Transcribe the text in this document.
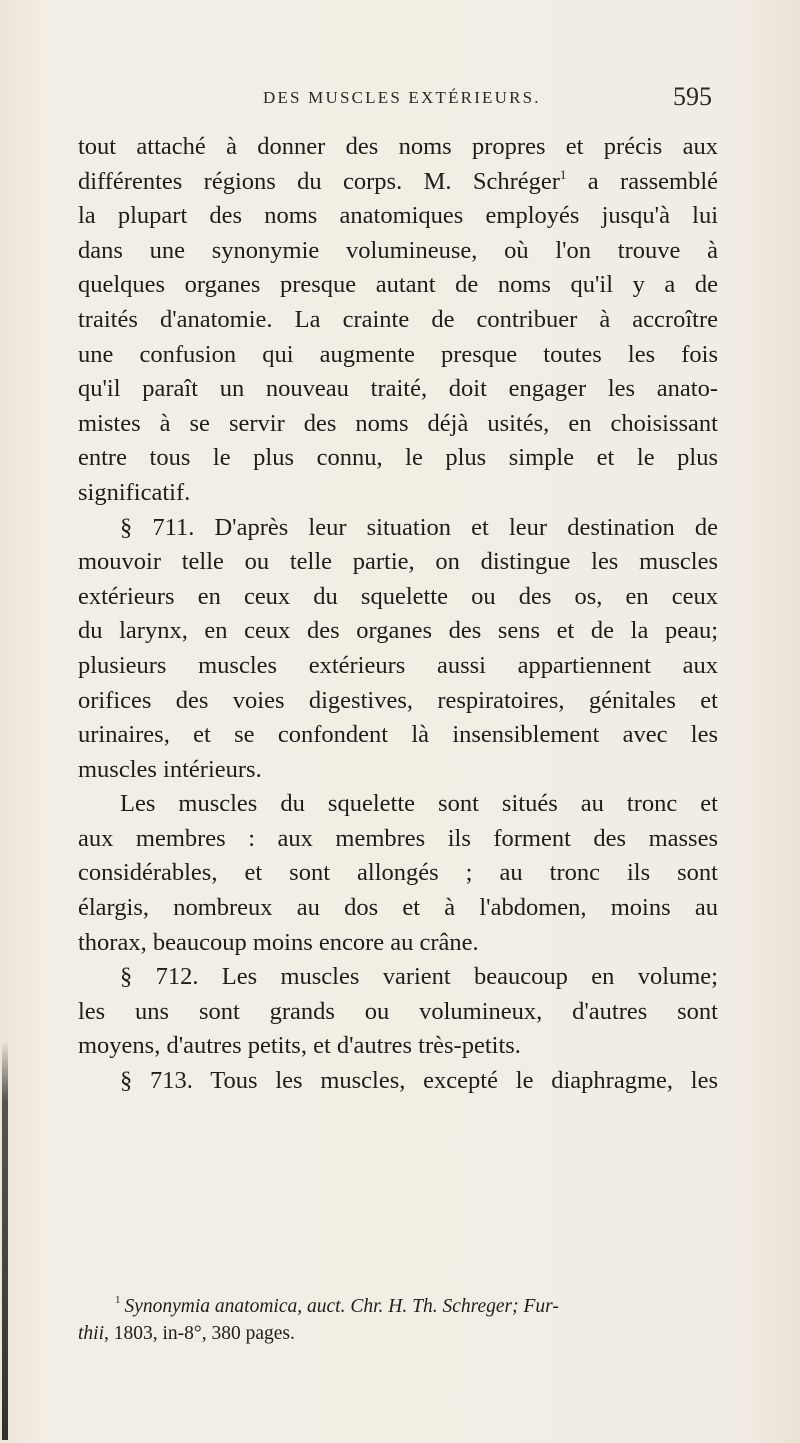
DES MUSCLES EXTÉRIEURS.	595
tout attaché à donner des noms propres et précis aux
différentes régions du corps. M. Schréger$^1$ a rassemblé
la plupart des noms anatomiques employés jusqu'à lui
dans une synonymie volumineuse, où l'on trouve à
quelques organes presque autant de noms qu'il y a de
traités d'anatomie. La crainte de contribuer à accroître
une confusion qui augmente presque toutes les fois
qu'il paraît un nouveau traité, doit engager les anato-
mistes à se servir des noms déjà usités, en choisissant
entre tous le plus connu, le plus simple et le plus
significatif.
§ 711. D'après leur situation et leur destination de
mouvoir telle ou telle partie, on distingue les muscles
extérieurs en ceux du squelette ou des os, en ceux
du larynx, en ceux des organes des sens et de la peau;
plusieurs muscles extérieurs aussi appartiennent aux
orifices des voies digestives, respiratoires, génitales et
urinaires, et se confondent là insensiblement avec les
muscles intérieurs.
Les muscles du squelette sont situés au tronc et
aux membres : aux membres ils forment des masses
considérables, et sont allongés ; au tronc ils sont
élargis, nombreux au dos et à l'abdomen, moins au
thorax, beaucoup moins encore au crâne.
§ 712. Les muscles varient beaucoup en volume;
les uns sont grands ou volumineux, d'autres sont
moyens, d'autres petits, et d'autres très-petits.
§ 713. Tous les muscles, excepté le diaphragme, les
$^1$ Synonymia anatomica, auct. Chr. H. Th. Schreger; Fur-
thii, 1803, in-8°, 380 pages.
